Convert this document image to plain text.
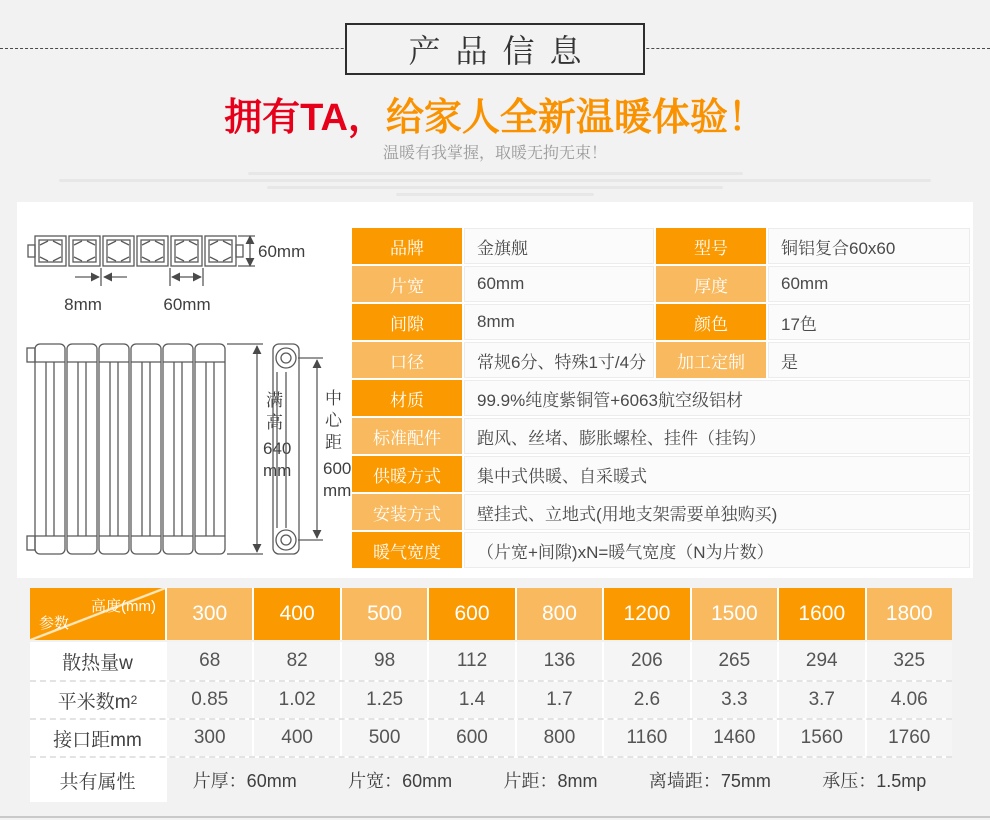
产品信息
拥有TA，给家人全新温暖体验！
温暖有我掌握，取暖无拘无束！
60mm
8mm	60mm
满
高
640
mm
中
心
距
600
mm
品牌	金旗舰	型号	铜铝复合60x60
片宽	60mm	厚度	60mm
间隙	8mm	颜色	17色
口径	常规6分、特殊1寸/4分	加工定制	是
材质	99.9%纯度紫铜管+6063航空级铝材
标准配件	跑风、丝堵、膨胀螺栓、挂件（挂钩）
供暖方式	集中式供暖、自采暖式
安装方式	壁挂式、立地式(用地支架需要单独购买)
暖气宽度	（片宽+间隙)xN=暖气宽度（N为片数）
高度(mm)
参数	300	400	500	600	800	1200	1500	1600	1800
散热量w	68	82	98	112	136	206	265	294	325
平米数m 2	0.85	1.02	1.25	1.4	1.7	2.6	3.3	3.7	4.06
接口距mm	300	400	500	600	800	1160	1460	1560	1760
共有属性	片厚：60mm	片宽：60mm	片距：8mm	离墙距：75mm	承压：1.5mp
